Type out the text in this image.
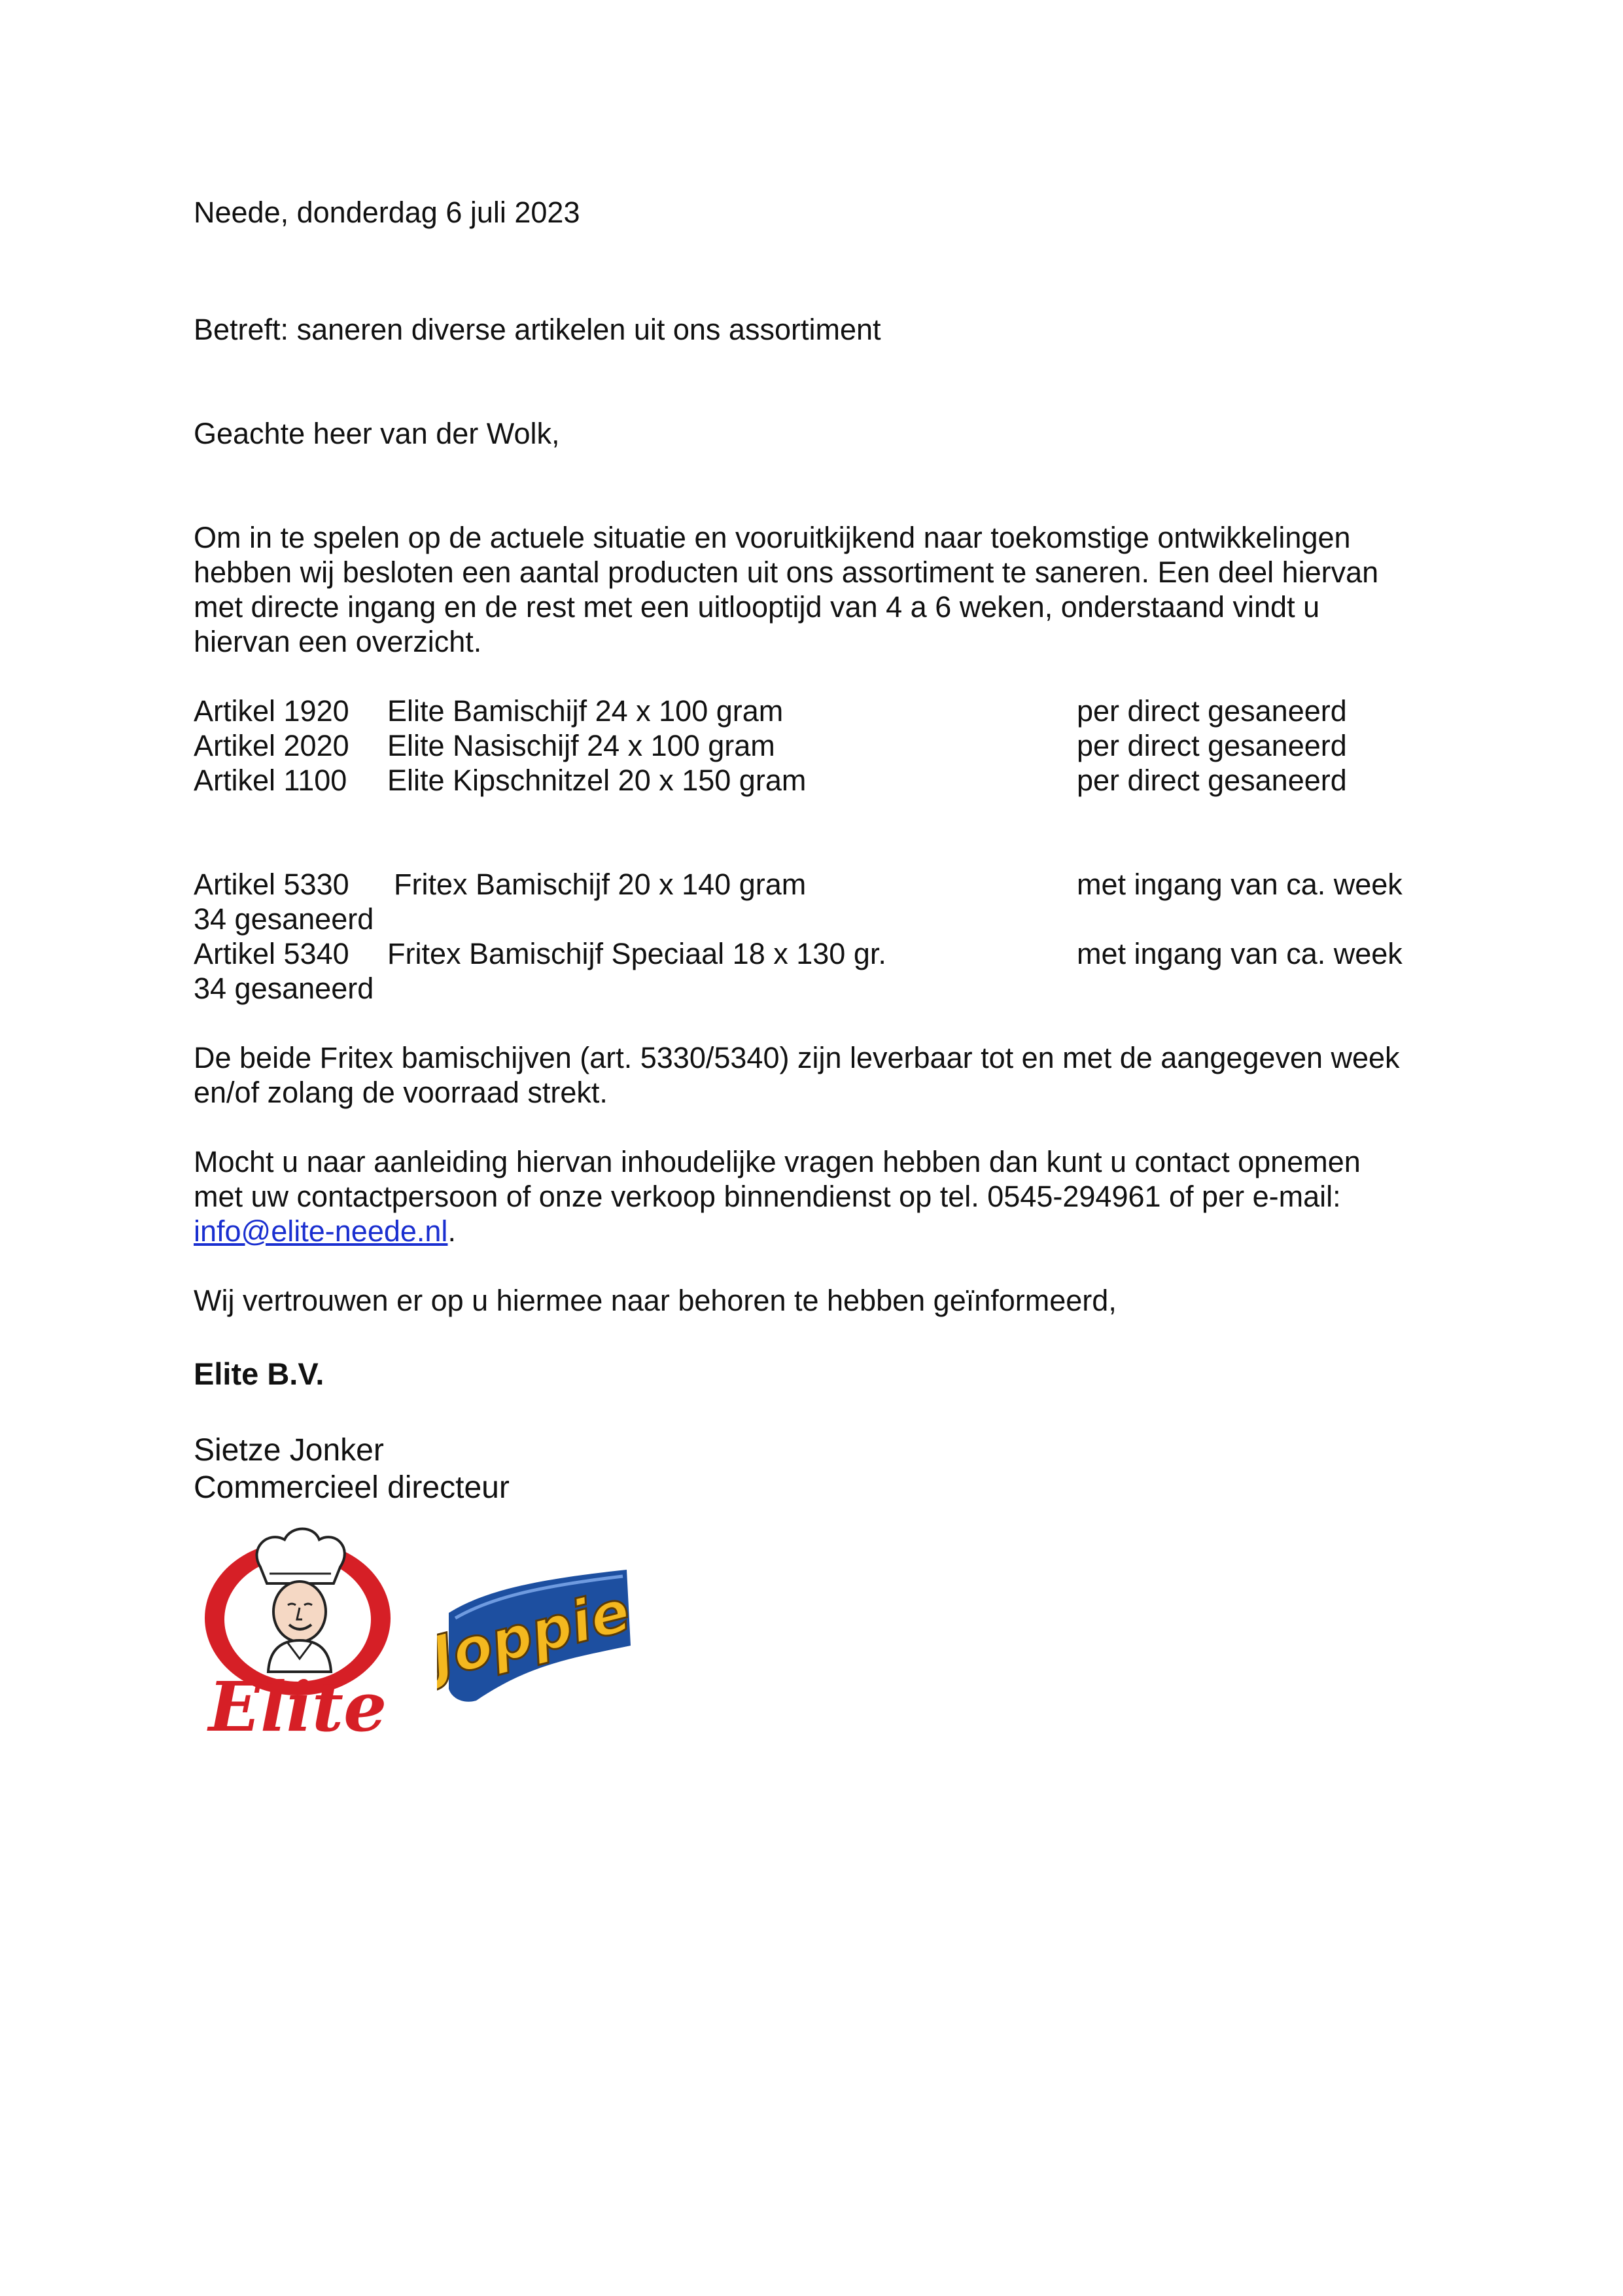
Neede, donderdag 6 juli 2023
Betreft: saneren diverse artikelen uit ons assortiment
Geachte heer van der Wolk,

Om in te spelen op de actuele situatie en vooruitkijkend naar toekomstige ontwikkelingen

hebben wij besloten een aantal producten uit ons assortiment te saneren. Een deel hiervan

met directe ingang en de rest met een uitlooptijd van 4 a 6 weken, onderstaand vindt u

hiervan een overzicht.

Artikel 1920 Elite Bamischijf 24 x 100 gram	per direct gesaneerd
Artikel 2020 Elite Nasischijf 24 x 100 gram	per direct gesaneerd
Artikel 1100 Elite Kipschnitzel 20 x 150 gram	per direct gesaneerd
Artikel 5330 Fritex Bamischijf 20 x 140 gram	met ingang van ca. week
34 gesaneerd
Artikel 5340 Fritex Bamischijf Speciaal 18 x 130 gr.	met ingang van ca. week
34 gesaneerd

De beide Fritex bamischijven (art. 5330/5340) zijn leverbaar tot en met de aangegeven week

en/of zolang de voorraad strekt.

Mocht u naar aanleiding hiervan inhoudelijke vragen hebben dan kunt u contact opnemen

met uw contactpersoon of onze verkoop binnendienst op tel. 0545-294961 of per e-mail:

info@elite-neede.nl.

Wij vertrouwen er op u hiermee naar behoren te hebben geïnformeerd,
Elite B.V.
Sietze Jonker
Commercieel directeur
Elite
Joppie
